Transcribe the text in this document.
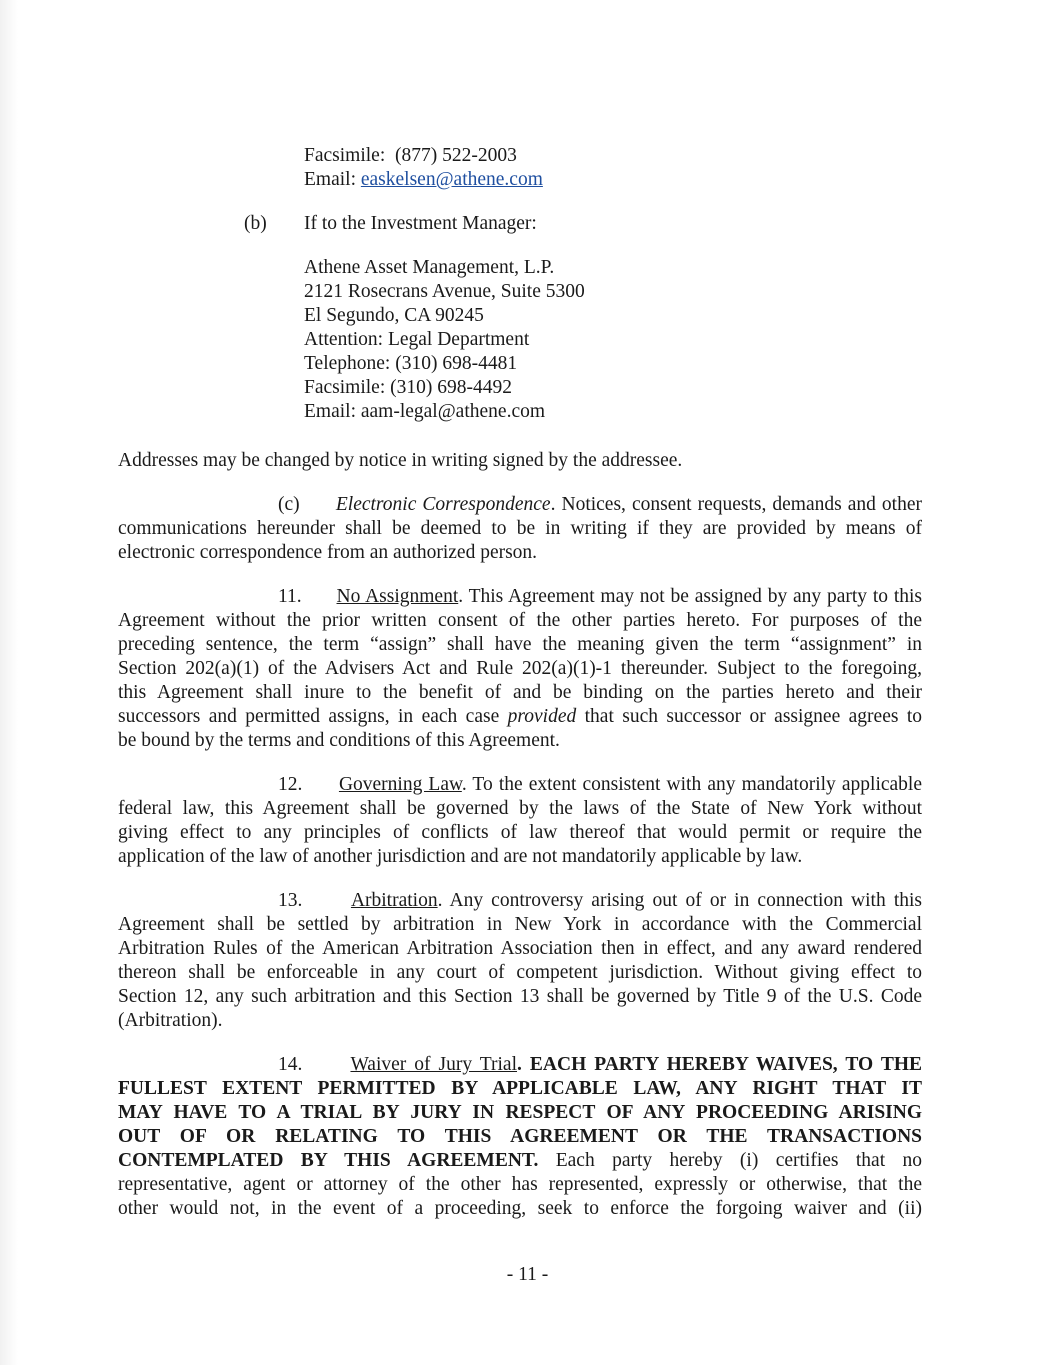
Facsimile: (877) 522-2003
Email: easkelsen@athene.com
(b) If to the Investment Manager:
Athene Asset Management, L.P.
2121 Rosecrans Avenue, Suite 5300
El Segundo, CA 90245
Attention: Legal Department
Telephone: (310) 698-4481
Facsimile: (310) 698-4492
Email: aam-legal@athene.com
Addresses may be changed by notice in writing signed by the addressee.
(c) Electronic Correspondence. Notices, consent requests, demands and other
communications hereunder shall be deemed to be in writing if they are provided by means of
electronic correspondence from an authorized person.
11. No Assignment. This Agreement may not be assigned by any party to this
Agreement without the prior written consent of the other parties hereto. For purposes of the
preceding sentence, the term “assign” shall have the meaning given the term “assignment” in
Section 202(a)(1) of the Advisers Act and Rule 202(a)(1)-1 thereunder. Subject to the foregoing,
this Agreement shall inure to the benefit of and be binding on the parties hereto and their
successors and permitted assigns, in each case provided that such successor or assignee agrees to
be bound by the terms and conditions of this Agreement.
12. Governing Law. To the extent consistent with any mandatorily applicable
federal law, this Agreement shall be governed by the laws of the State of New York without
giving effect to any principles of conflicts of law thereof that would permit or require the
application of the law of another jurisdiction and are not mandatorily applicable by law.
13. Arbitration. Any controversy arising out of or in connection with this
Agreement shall be settled by arbitration in New York in accordance with the Commercial
Arbitration Rules of the American Arbitration Association then in effect, and any award rendered
thereon shall be enforceable in any court of competent jurisdiction. Without giving effect to
Section 12, any such arbitration and this Section 13 shall be governed by Title 9 of the U.S. Code
(Arbitration).
14. Waiver of Jury Trial. EACH PARTY HEREBY WAIVES, TO THE
FULLEST EXTENT PERMITTED BY APPLICABLE LAW, ANY RIGHT THAT IT
MAY HAVE TO A TRIAL BY JURY IN RESPECT OF ANY PROCEEDING ARISING
OUT OF OR RELATING TO THIS AGREEMENT OR THE TRANSACTIONS
CONTEMPLATED BY THIS AGREEMENT. Each party hereby (i) certifies that no
representative, agent or attorney of the other has represented, expressly or otherwise, that the
other would not, in the event of a proceeding, seek to enforce the forgoing waiver and (ii)
- 11 -
